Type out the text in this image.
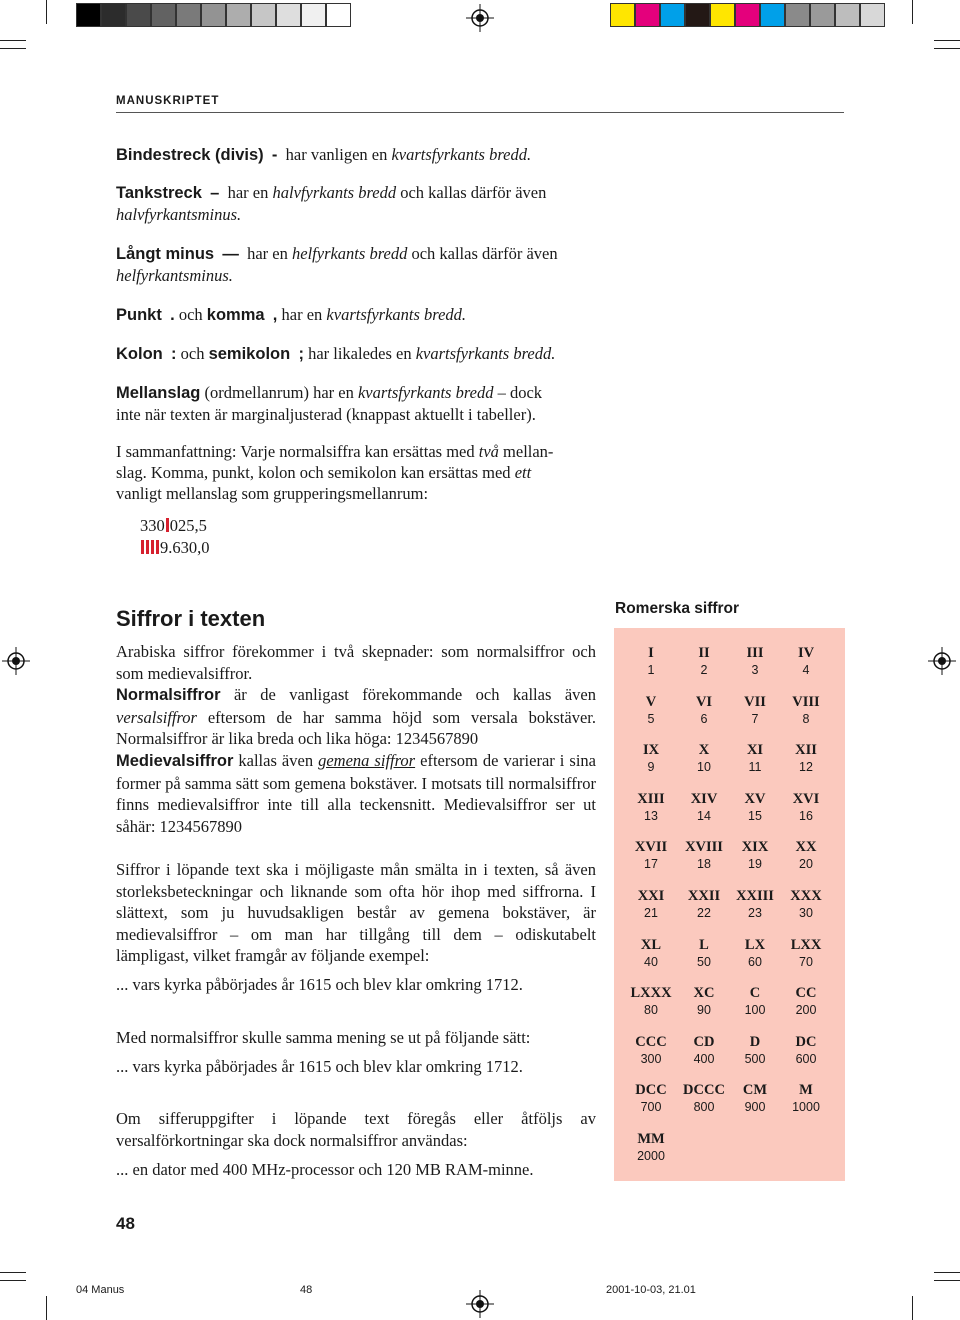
MANUSKRIPTET
Bindestreck (divis) - har vanligen en kvartsfyrkants bredd.
Tankstreck – har en halvfyrkants bredd och kallas därför även
halvfyrkantsminus.
Långt minus — har en helfyrkants bredd och kallas därför även
helfyrkantsminus.
Punkt . och komma , har en kvartsfyrkants bredd.
Kolon : och semikolon ; har likaledes en kvartsfyrkants bredd.
Mellanslag (ordmellanrum) har en kvartsfyrkants bredd – dock
inte när texten är marginaljusterad (knappast aktuellt i tabeller).
I sammanfattning: Varje normalsiffra kan ersättas med två mellan-
slag. Komma, punkt, kolon och semikolon kan ersättas med ett
vanligt mellanslag som grupperingsmellanrum:
330 025,5
9.630,0
Siffror i texten
Arabiska siffror förekommer i två skepnader: som normalsiffror och som medievalsiffror.
Normalsiffror är de vanligast förekommande och kallas även versalsiffror eftersom de har samma höjd som versala bokstäver. Normalsiffror är lika breda och lika höga: 1234567890
Medievalsiffror kallas även gemena siffror eftersom de varierar i sina former på samma sätt som gemena bokstäver. I motsats till normalsiffror finns medievalsiffror inte till alla teckensnitt. Medievalsiffror ser ut såhär: 1234567890
Siffror i löpande text ska i möjligaste mån smälta in i texten, så även storleksbeteckningar och liknande som ofta hör ihop med siffrorna. I slättext, som ju huvudsakligen består av gemena bokstäver, är medievalsiffror – om man har tillgång till dem – odiskutabelt lämpligast, vilket framgår av följande exempel:
... vars kyrka påbörjades år 1615 och blev klar omkring 1712.
Med normalsiffror skulle samma mening se ut på följande sätt:
... vars kyrka påbörjades år 1615 och blev klar omkring 1712.
Om sifferuppgifter i löpande text föregås eller åtföljs av versalförkortningar ska dock normalsiffror användas:
... en dator med 400 MHz-processor och 120 MB RAM-minne.
Romerska siffror
I
1
II
2
III
3
IV
4
V
5
VI
6
VII
7
VIII
8
IX
9
X
10
XI
11
XII
12
XIII
13
XIV
14
XV
15
XVI
16
XVII
17
XVIII
18
XIX
19
XX
20
XXI
21
XXII
22
XXIII
23
XXX
30
XL
40
L
50
LX
60
LXX
70
LXXX
80
XC
90
C
100
CC
200
CCC
300
CD
400
D
500
DC
600
DCC
700
DCCC
800
CM
900
M
1000
MM
2000
48
04 Manus	48	2001-10-03, 21.01
